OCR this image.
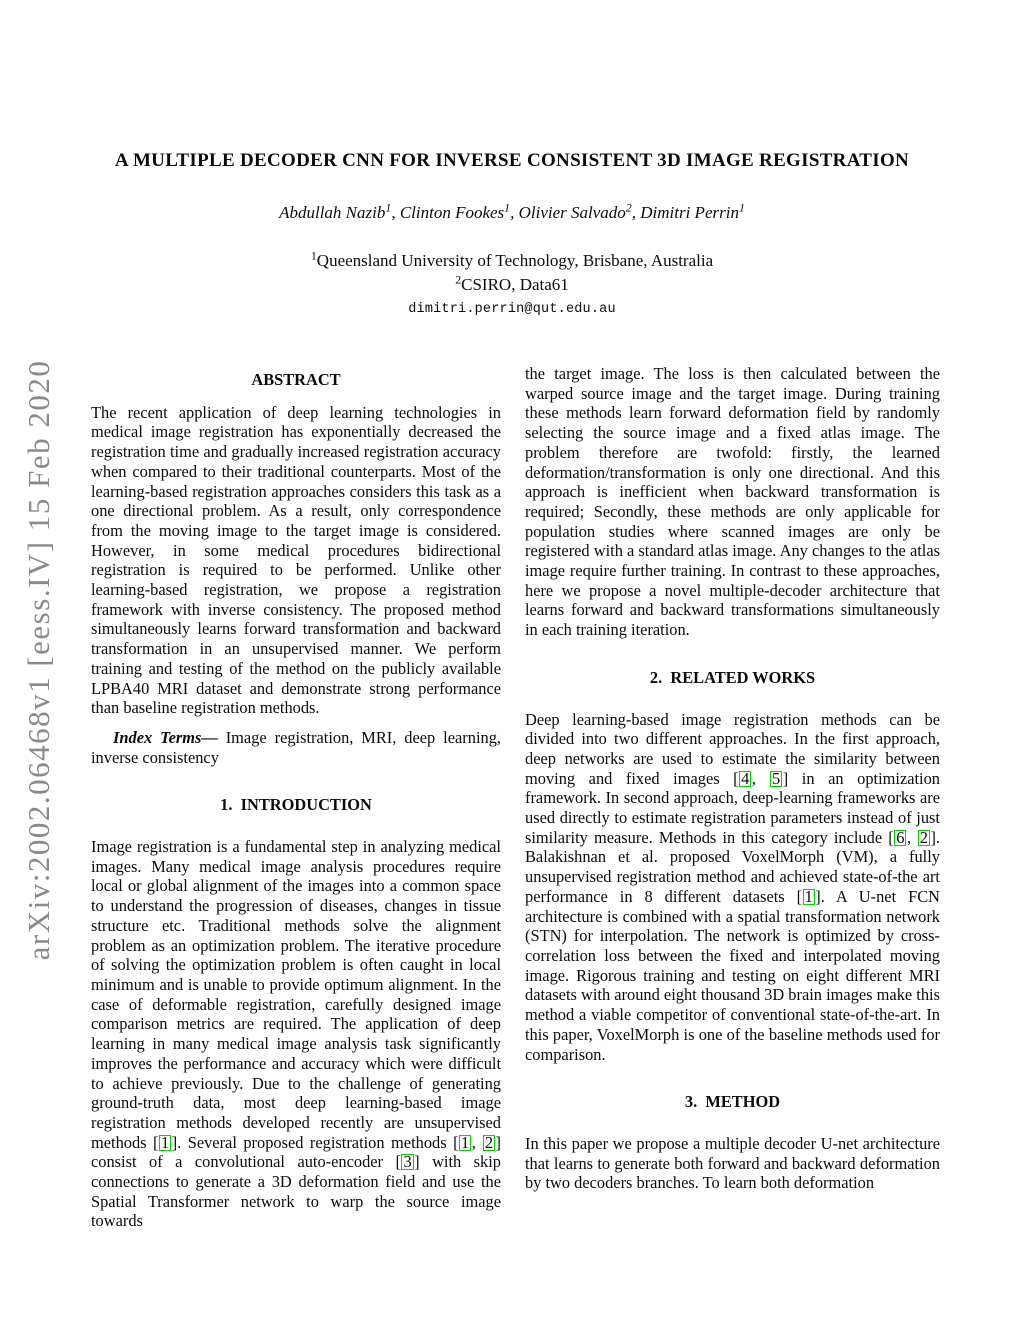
arXiv:2002.06468v1 [eess.IV] 15 Feb 2020
A MULTIPLE DECODER CNN FOR INVERSE CONSISTENT 3D IMAGE REGISTRATION
Abdullah Nazib$^1$, Clinton Fookes$^1$, Olivier Salvado$^2$, Dimitri Perrin$^1$
$^1$Queensland University of Technology, Brisbane, Australia
$^2$CSIRO, Data61
dimitri.perrin@qut.edu.au
ABSTRACT

The recent application of deep learning technologies in medical image registration has exponentially decreased the registration time and gradually increased registration accuracy when compared to their traditional counterparts. Most of the learning-based registration approaches considers this task as a one directional problem. As a result, only correspondence from the moving image to the target image is considered. However, in some medical procedures bidirectional registration is required to be performed. Unlike other learning-based registration, we propose a registration framework with inverse consistency. The proposed method simultaneously learns forward transformation and backward transformation in an unsupervised manner. We perform training and testing of the method on the publicly available LPBA40 MRI dataset and demonstrate strong performance than baseline registration methods.

Index Terms— Image registration, MRI, deep learning, inverse consistency

1.  INTRODUCTION

Image registration is a fundamental step in analyzing medical images. Many medical image analysis procedures require local or global alignment of the images into a common space to understand the progression of diseases, changes in tissue structure etc. Traditional methods solve the alignment problem as an optimization problem. The iterative procedure of solving the optimization problem is often caught in local minimum and is unable to provide optimum alignment. In the case of deformable registration, carefully designed image comparison metrics are required. The application of deep learning in many medical image analysis task significantly improves the performance and accuracy which were difficult to achieve previously. Due to the challenge of generating ground-truth data, most deep learning-based image registration methods developed recently are unsupervised methods [ 1 ]. Several proposed registration methods [ 1 , 2 ] consist of a convolutional auto-encoder [ 3 ] with skip connections to generate a 3D deformation field and use the Spatial Transformer network to warp the source image towards

the target image. The loss is then calculated between the warped source image and the target image. During training these methods learn forward deformation field by randomly selecting the source image and a fixed atlas image. The problem therefore are twofold: firstly, the learned deformation/transformation is only one directional. And this approach is inefficient when backward transformation is required; Secondly, these methods are only applicable for population studies where scanned images are only be registered with a standard atlas image. Any changes to the atlas image require further training. In contrast to these approaches, here we propose a novel multiple-decoder architecture that learns forward and backward transformations simultaneously in each training iteration.

2.  RELATED WORKS

Deep learning-based image registration methods can be divided into two different approaches. In the first approach, deep networks are used to estimate the similarity between moving and fixed images [ 4 , 5 ] in an optimization framework. In second approach, deep-learning frameworks are used directly to estimate registration parameters instead of just similarity measure. Methods in this category include [ 6 , 2 ]. Balakishnan et al. proposed VoxelMorph (VM), a fully unsupervised registration method and achieved state-of-the art performance in 8 different datasets [ 1 ]. A U-net FCN architecture is combined with a spatial transformation network (STN) for interpolation. The network is optimized by cross-correlation loss between the fixed and interpolated moving image. Rigorous training and testing on eight different MRI datasets with around eight thousand 3D brain images make this method a viable competitor of conventional state-of-the-art. In this paper, VoxelMorph is one of the baseline methods used for comparison.

3.  METHOD

In this paper we propose a multiple decoder U-net architecture that learns to generate both forward and backward deformation by two decoders branches. To learn both deformation
